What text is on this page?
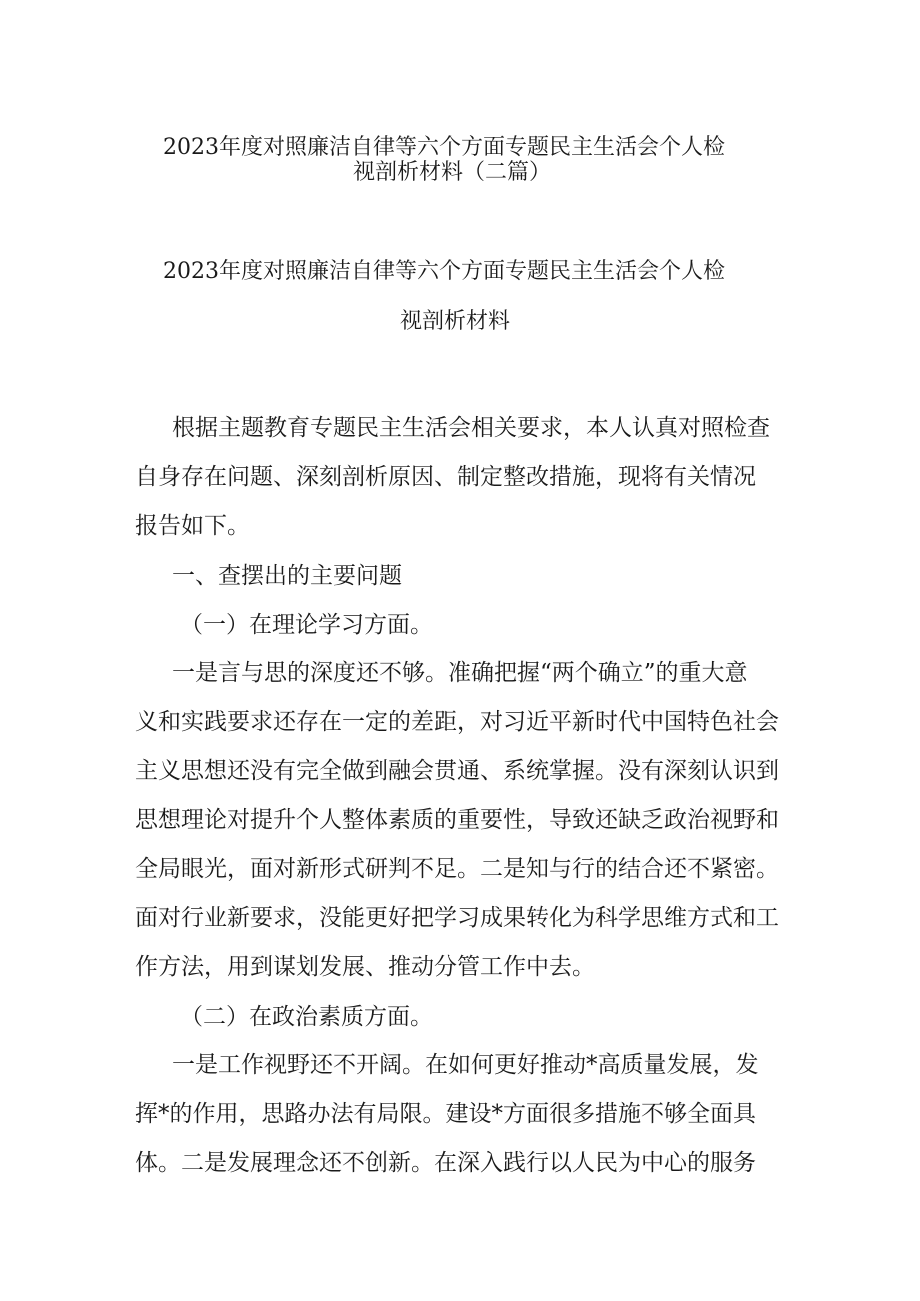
2023年度对照廉洁自律等六个方面专题民主生活会个人检
视剖析材料（二篇）
2023年度对照廉洁自律等六个方面专题民主生活会个人检
视剖析材料
根据主题教育专题民主生活会相关要求，本人认真对照检查
自身存在问题、深刻剖析原因、制定整改措施，现将有关情况
报告如下。
一、查摆出的主要问题
（一）在理论学习方面。
一是言与思的深度还不够。准确把握“两个确立”的重大意
义和实践要求还存在一定的差距，对习近平新时代中国特色社会
主义思想还没有完全做到融会贯通、系统掌握。没有深刻认识到
思想理论对提升个人整体素质的重要性，导致还缺乏政治视野和
全局眼光，面对新形式研判不足。二是知与行的结合还不紧密。
面对行业新要求，没能更好把学习成果转化为科学思维方式和工
作方法，用到谋划发展、推动分管工作中去。
（二）在政治素质方面。
一是工作视野还不开阔。在如何更好推动*高质量发展，发
挥*的作用，思路办法有局限。建设*方面很多措施不够全面具
体。二是发展理念还不创新。在深入践行以人民为中心的服务
